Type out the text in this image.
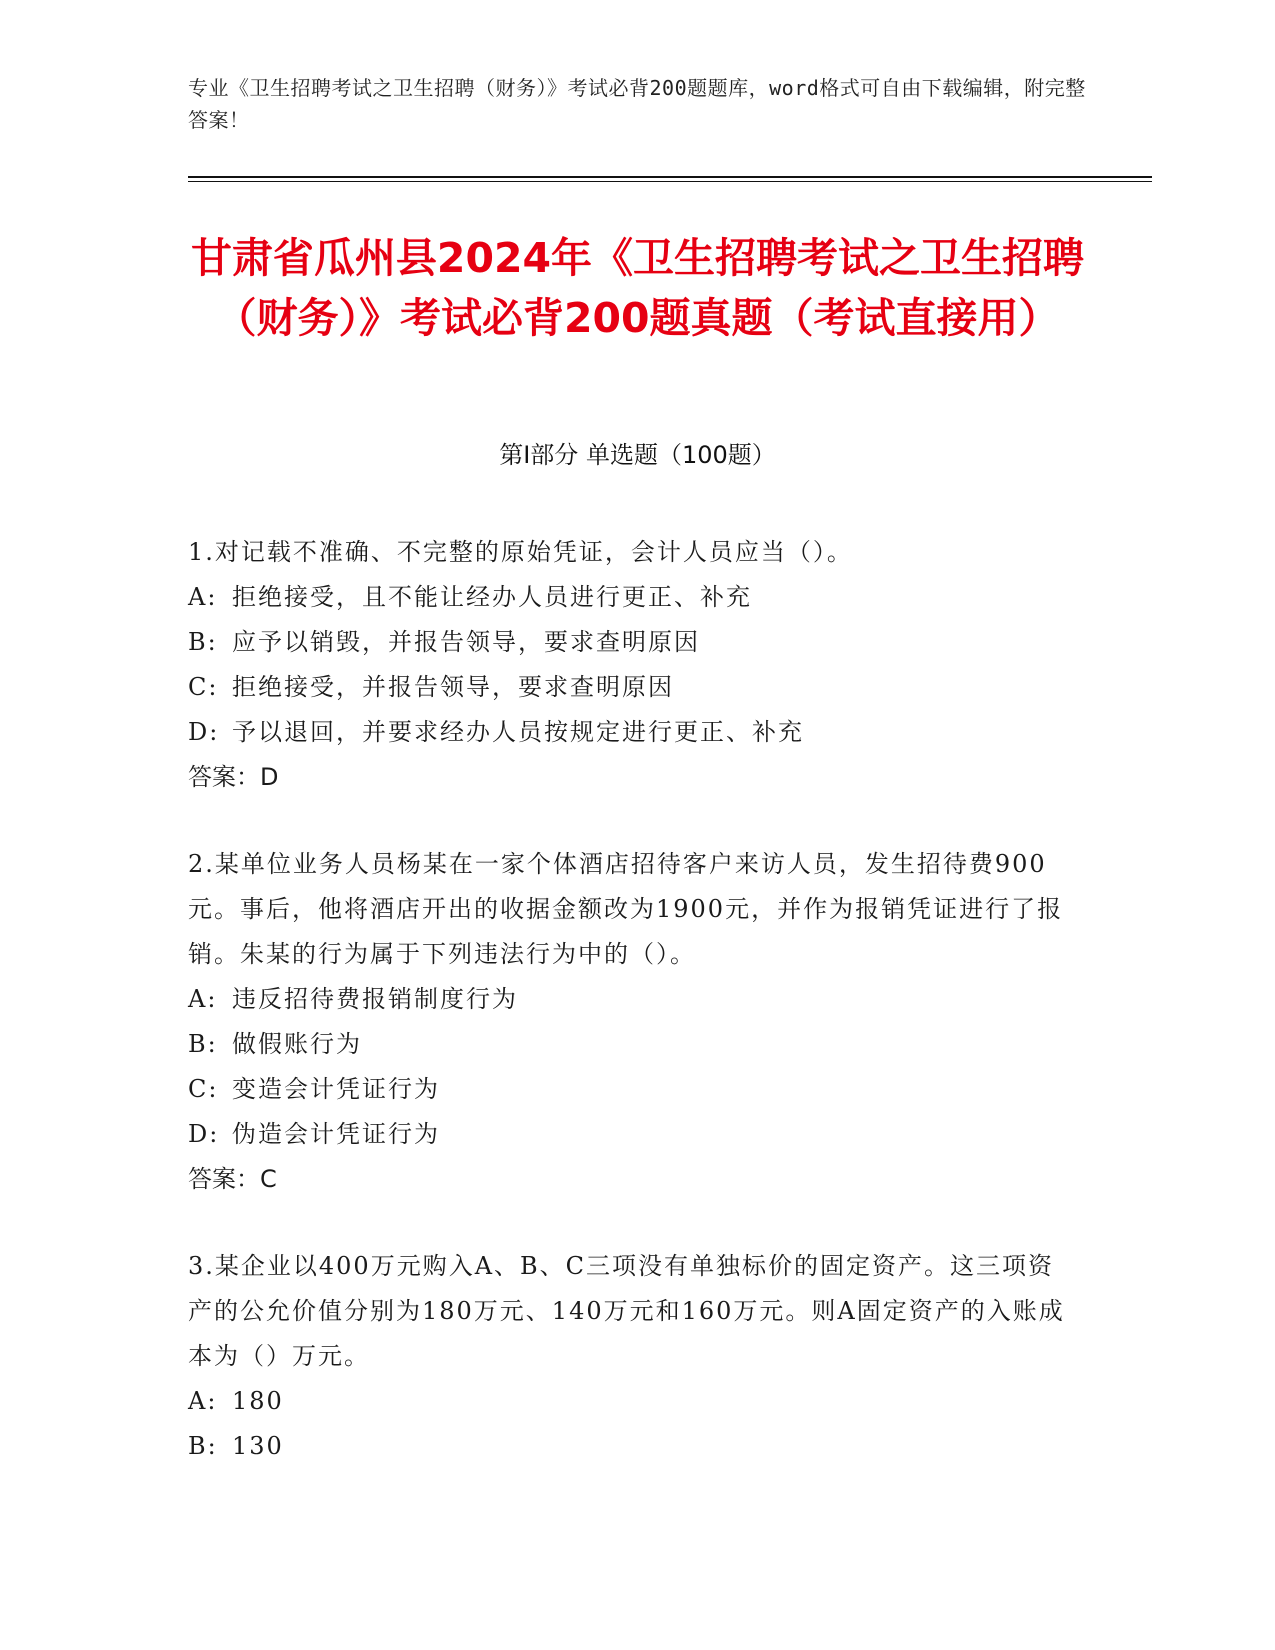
专业《卫生招聘考试之卫生招聘（财务）》考试必背200题题库，word格式可自由下载编辑，附完整答案！
甘肃省瓜州县2024年《卫生招聘考试之卫生招聘（财务）》考试必背200题真题（考试直接用）
第Ⅰ部分 单选题（100题）

1.对记载不准确、不完整的原始凭证，会计人员应当（）。

A: 拒绝接受，且不能让经办人员进行更正、补充

B: 应予以销毁，并报告领导，要求查明原因

C: 拒绝接受，并报告领导，要求查明原因

D: 予以退回，并要求经办人员按规定进行更正、补充

答案：D

2.某单位业务人员杨某在一家个体酒店招待客户来访人员，发生招待费900元。事后，他将酒店开出的收据金额改为1900元，并作为报销凭证进行了报销。朱某的行为属于下列违法行为中的（）。

A: 违反招待费报销制度行为

B: 做假账行为

C: 变造会计凭证行为

D: 伪造会计凭证行为

答案：C

3.某企业以400万元购入A、B、C三项没有单独标价的固定资产。这三项资产的公允价值分别为180万元、140万元和160万元。则A固定资产的入账成本为（）万元。

A: 180

B: 130
